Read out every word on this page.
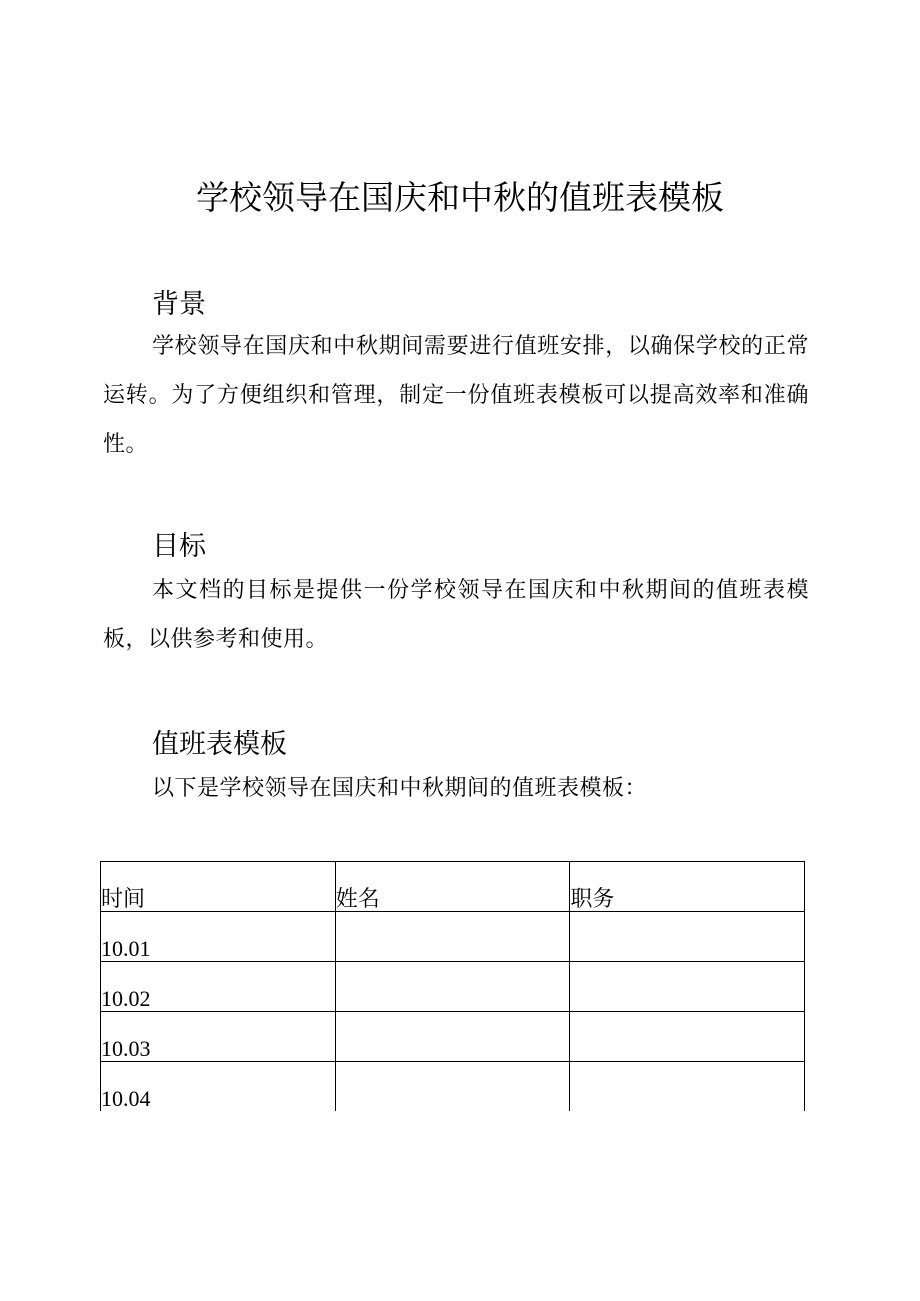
学校领导在国庆和中秋的值班表模板
背景
学校领导在国庆和中秋期间需要进行值班安排，以确保学校的正常运转。为了方便组织和管理，制定一份值班表模板可以提高效率和准确性。
目标
本文档的目标是提供一份学校领导在国庆和中秋期间的值班表模板，以供参考和使用。
值班表模板
以下是学校领导在国庆和中秋期间的值班表模板：
时间	姓名	职务
10.01		
10.02		
10.03		
10.04		
